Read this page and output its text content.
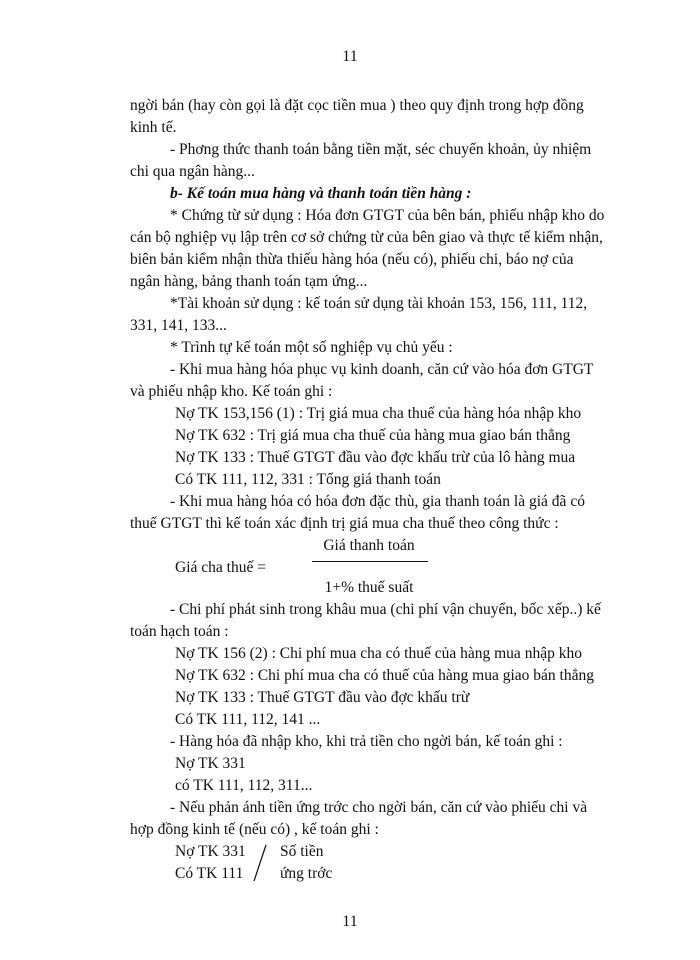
11

ngời bán (hay còn gọi là đặt cọc tiền mua ) theo quy định trong hợp đồng

kinh tế.

- Phơng thức thanh toán bằng tiền mặt, séc chuyển khoản, ủy nhiệm

chi qua ngân hàng...

b- Kế toán mua hàng và thanh toán tiền hàng :

* Chứng từ sử dụng : Hóa đơn GTGT của bên bán, phiếu nhập kho do

cán bộ nghiệp vụ lập trên cơ sở chứng từ của bên giao và thực tế kiểm nhận,

biên bản kiểm nhận thừa thiếu hàng hóa (nếu có), phiếu chi, báo nợ của

ngân hàng, bảng thanh toán tạm ứng...

*Tài khoản sử dụng : kế toán sử dụng tài khoản 153, 156, 111, 112,

331, 141, 133...

* Trình tự kế toán một số nghiệp vụ chủ yếu :

- Khi mua hàng hóa phục vụ kinh doanh, căn cứ vào hóa đơn GTGT

và phiếu nhập kho. Kế toán ghi :

Nợ TK 153,156 (1) : Trị giá mua cha thuế của hàng hóa nhập kho

Nợ TK 632 : Trị giá mua cha thuế của hàng mua giao bán thẳng

Nợ TK 133 : Thuế GTGT đầu vào đợc khấu trừ của lô hàng mua

Có TK 111, 112, 331 : Tổng giá thanh toán

- Khi mua hàng hóa có hóa đơn đặc thù, gia thanh toán là giá đã có

thuế GTGT thì kế toán xác định trị giá mua cha thuế theo công thức :

Giá cha thuế =
Giá thanh toán
1+% thuế suất

- Chi phí phát sinh trong khâu mua (chi phí vận chuyển, bốc xếp..) kế

toán hạch toán :

Nợ TK 156 (2) : Chi phí mua cha có thuế của hàng mua nhập kho

Nợ TK 632 : Chi phí mua cha có thuế của hàng mua giao bán thẳng

Nợ TK 133 : Thuế GTGT đầu vào đợc khấu trừ

Có TK 111, 112, 141 ...

- Hàng hóa đã nhập kho, khi trả tiền cho ngời bán, kế toán ghi :

Nợ TK 331

có TK 111, 112, 311...

- Nếu phản ánh tiền ứng trớc cho ngời bán, căn cứ vào phiếu chi và

hợp đồng kinh tế (nếu có) , kế toán ghi :

Nợ TK 331
Có TK 111
Số tiền
ứng trớc
11
